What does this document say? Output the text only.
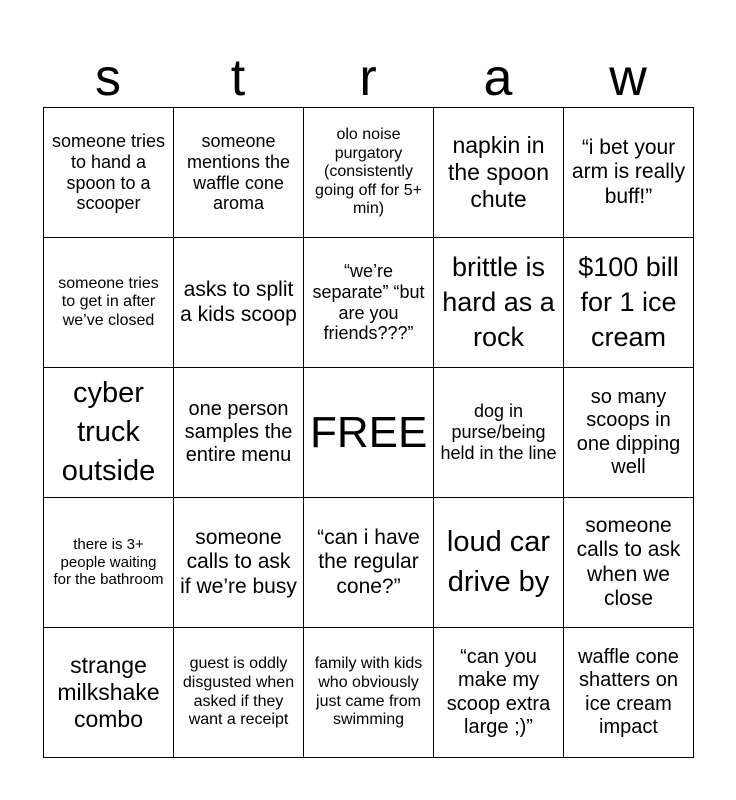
s	t	r	a	w
someone tries to hand a spoon to a scooper	someone mentions the waffle cone aroma	olo noise purgatory (consistently going off for 5+ min)	napkin in the spoon chute	“i bet your arm is really buff!”
someone tries to get in after we’ve closed	asks to split a kids scoop	“we’re separate” “but are you friends???”	brittle is hard as a rock	$100 bill for 1 ice cream
cyber truck outside	one person samples the entire menu	FREE	dog in purse/being held in the line	so many scoops in one dipping well
there is 3+ people waiting for the bathroom	someone calls to ask if we’re busy	“can i have the regular cone?”	loud car drive by	someone calls to ask when we close
strange milkshake combo	guest is oddly disgusted when asked if they want a receipt	family with kids who obviously just came from swimming	“can you make my scoop extra large ;)”	waffle cone shatters on ice cream impact
